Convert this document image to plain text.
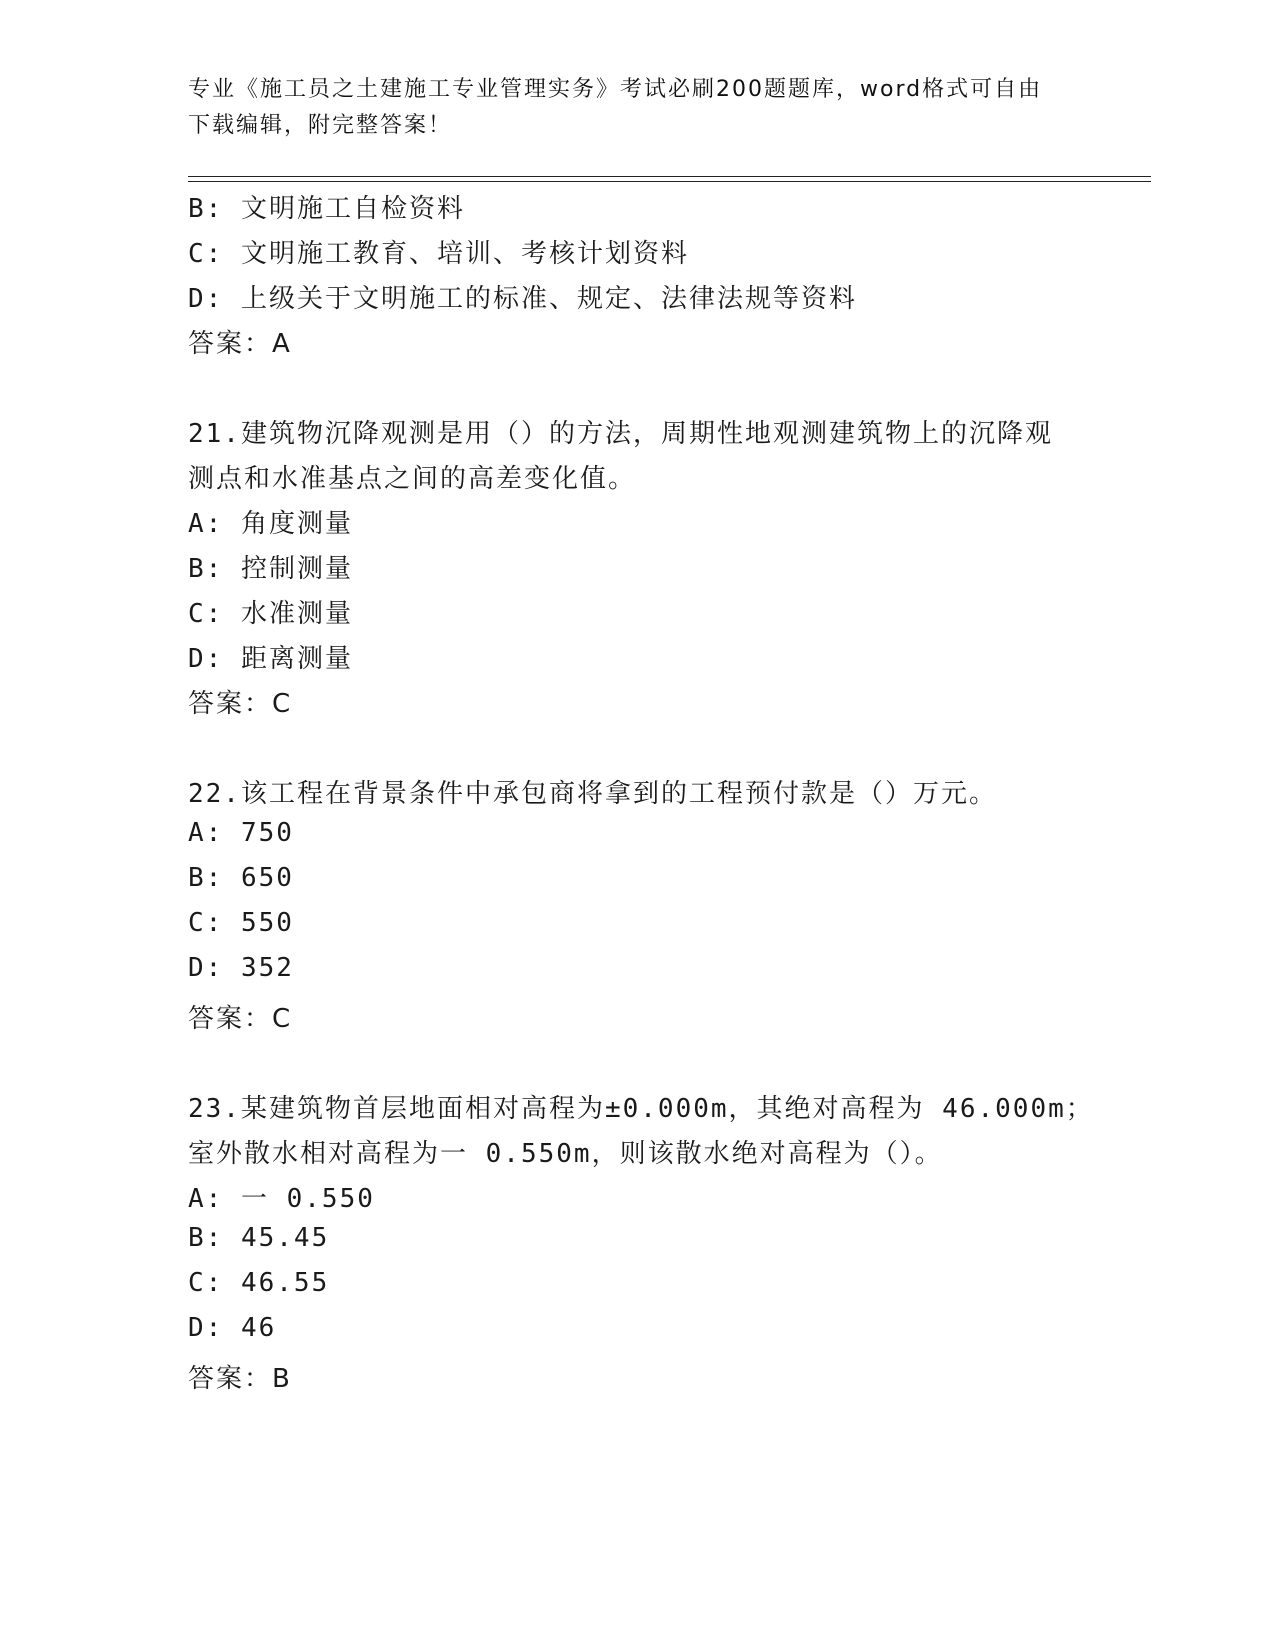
专业《施工员之土建施工专业管理实务》考试必刷200题题库，word格式可自由
下载编辑，附完整答案！
B: 文明施工自检资料
C: 文明施工教育、培训、考核计划资料
D: 上级关于文明施工的标准、规定、法律法规等资料
答案：A
21.建筑物沉降观测是用（）的方法，周期性地观测建筑物上的沉降观
测点和水准基点之间的高差变化值。
A: 角度测量
B: 控制测量
C: 水准测量
D: 距离测量
答案：C
22.该工程在背景条件中承包商将拿到的工程预付款是（）万元。
A: 750
B: 650
C: 550
D: 352
答案：C
23.某建筑物首层地面相对高程为±0.000m，其绝对高程为 46.000m；
室外散水相对高程为一 0.550m，则该散水绝对高程为（）。
A: 一 0.550
B: 45.45
C: 46.55
D: 46
答案：B
